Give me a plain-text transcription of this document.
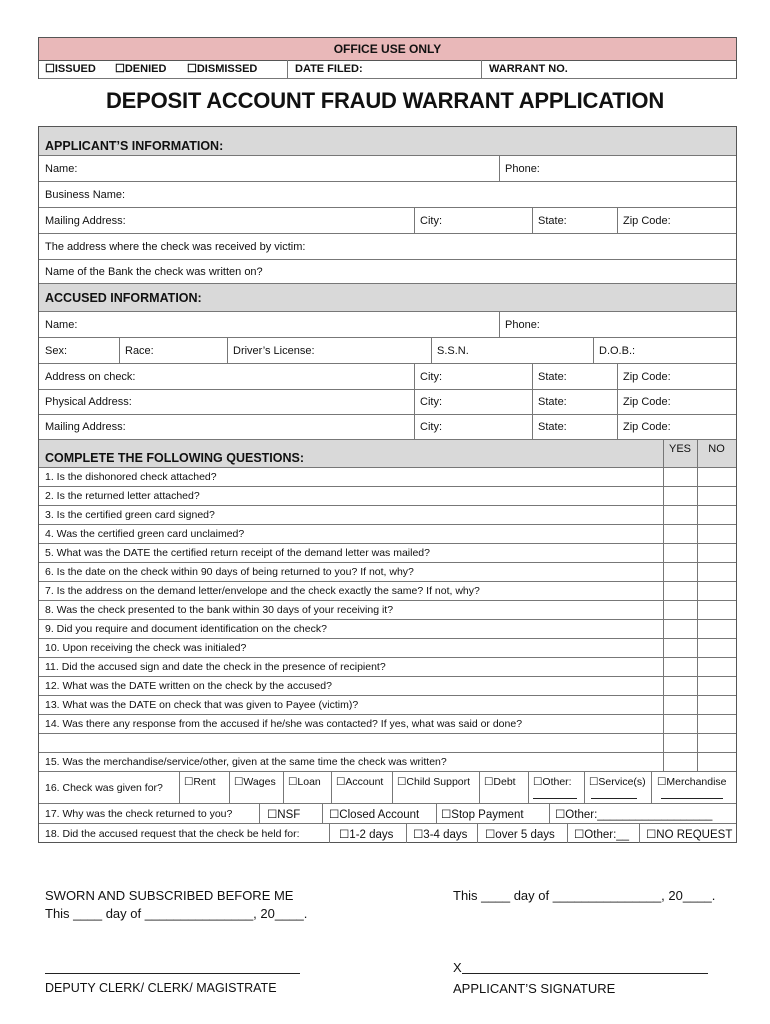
OFFICE USE ONLY
☐ISSUED ☐DENIED ☐DISMISSED	DATE FILED:	WARRANT NO.
DEPOSIT ACCOUNT FRAUD WARRANT APPLICATION
APPLICANT’S INFORMATION:
Name:	Phone:
Business Name:
Mailing Address:	City:	State:	Zip Code:
The address where the check was received by victim:
Name of the Bank the check was written on?
ACCUSED INFORMATION:
Name:	Phone:
Sex:	Race:	Driver’s License:	S.S.N.	D.O.B.:
Address on check:	City:	State:	Zip Code:
Physical Address:	City:	State:	Zip Code:
Mailing Address:	City:	State:	Zip Code:
COMPLETE THE FOLLOWING QUESTIONS:
YES	NO
1. Is the dishonored check attached?
2. Is the returned letter attached?
3. Is the certified green card signed?
4. Was the certified green card unclaimed?
5. What was the DATE the certified return receipt of the demand letter was mailed?
6. Is the date on the check within 90 days of being returned to you? If not, why?
7. Is the address on the demand letter/envelope and the check exactly the same? If not, why?
8. Was the check presented to the bank within 30 days of your receiving it?
9. Did you require and document identification on the check?
10. Upon receiving the check was initialed?
11. Did the accused sign and date the check in the presence of recipient?
12. What was the DATE written on the check by the accused?
13. What was the DATE on check that was given to Payee (victim)?
14. Was there any response from the accused if he/she was contacted? If yes, what was said or done?
15. Was the merchandise/service/other, given at the same time the check was written?
16. Check was given for?	☐Rent ☐Wages ☐Loan ☐Account ☐Child Support ☐Debt ☐Other: ☐Service(s) ☐Merchandise
17. Why was the check returned to you?	☐NSF ☐Closed Account ☐Stop Payment	☐Other:__________________
18. Did the accused request that the check be held for:	☐1-2 days ☐3-4 days ☐over 5 days ☐Other:__ ☐NO REQUEST
SWORN AND SUBSCRIBED BEFORE ME
This ____ day of _______________, 20____.
This ____ day of _______________, 20____.
X
DEPUTY CLERK/ CLERK/ MAGISTRATE	APPLICANT’S SIGNATURE
